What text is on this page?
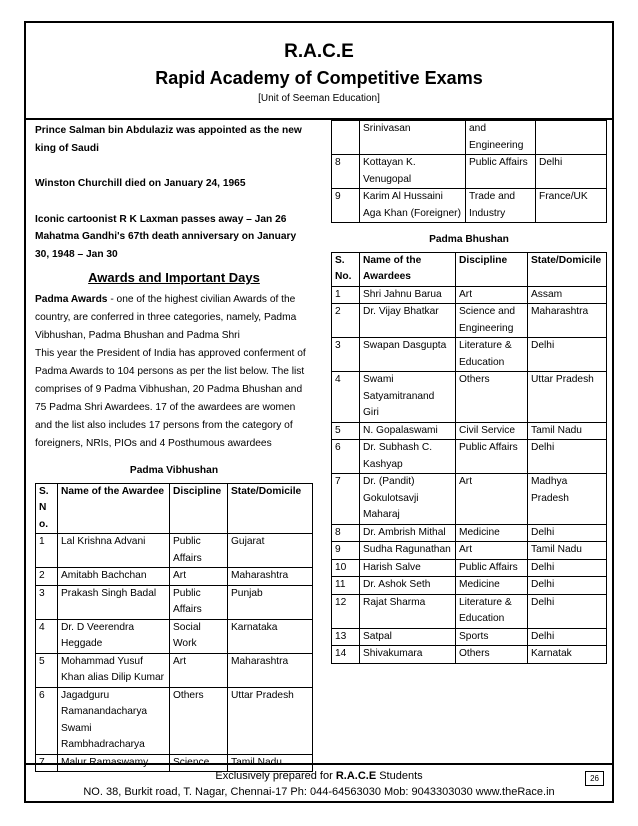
R.A.C.E
Rapid Academy of Competitive Exams
[Unit of Seeman Education]

Prince Salman bin Abdulaziz was appointed as the new king of Saudi

Winston Churchill died on January 24, 1965

Iconic cartoonist R K Laxman passes away – Jan 26 Mahatma Gandhi's 67th death anniversary on January 30, 1948 – Jan 30

Awards and Important Days

Padma Awards - one of the highest civilian Awards of the country, are conferred in three categories, namely, Padma Vibhushan, Padma Bhushan and Padma Shri
This year the President of India has approved conferment of Padma Awards to 104 persons as per the list below. The list comprises of 9 Padma Vibhushan, 20 Padma Bhushan and 75 Padma Shri Awardees. 17 of the awardees are women and the list also includes 17 persons from the category of foreigners, NRIs, PIOs and 4 Posthumous awardees

Padma Vibhushan
S. N o.	Name of the Awardee	Discipline	State/Domicile
1	Lal Krishna Advani	Public Affairs	Gujarat
2	Amitabh Bachchan	Art	Maharashtra
3	Prakash Singh Badal	Public Affairs	Punjab
4	Dr. D Veerendra Heggade	Social Work	Karnataka
5	Mohammad Yusuf Khan alias Dilip Kumar	Art	Maharashtra
6	Jagadguru Ramanandacharya Swami Rambhadracharya	Others	Uttar Pradesh
7	Malur Ramaswamy	Science	Tamil Nadu
	Srinivasan	and Engineering	
8	Kottayan K. Venugopal	Public Affairs	Delhi
9	Karim Al Hussaini Aga Khan (Foreigner)	Trade and Industry	France/UK
Padma Bhushan
S. No.	Name of the Awardees	Discipline	State/Domicile
1	Shri Jahnu Barua	Art	Assam
2	Dr. Vijay Bhatkar	Science and Engineering	Maharashtra
3	Swapan Dasgupta	Literature & Education	Delhi
4	Swami Satyamitranand Giri	Others	Uttar Pradesh
5	N. Gopalaswami	Civil Service	Tamil Nadu
6	Dr. Subhash C. Kashyap	Public Affairs	Delhi
7	Dr. (Pandit) Gokulotsavji Maharaj	Art	Madhya Pradesh
8	Dr. Ambrish Mithal	Medicine	Delhi
9	Sudha Ragunathan	Art	Tamil Nadu
10	Harish Salve	Public Affairs	Delhi
11	Dr. Ashok Seth	Medicine	Delhi
12	Rajat Sharma	Literature & Education	Delhi
13	Satpal	Sports	Delhi
14	Shivakumara	Others	Karnatak
Exclusively prepared for R.A.C.E Students
NO. 38, Burkit road, T. Nagar, Chennai-17 Ph: 044-64563030 Mob: 9043303030 www.theRace.in
26
